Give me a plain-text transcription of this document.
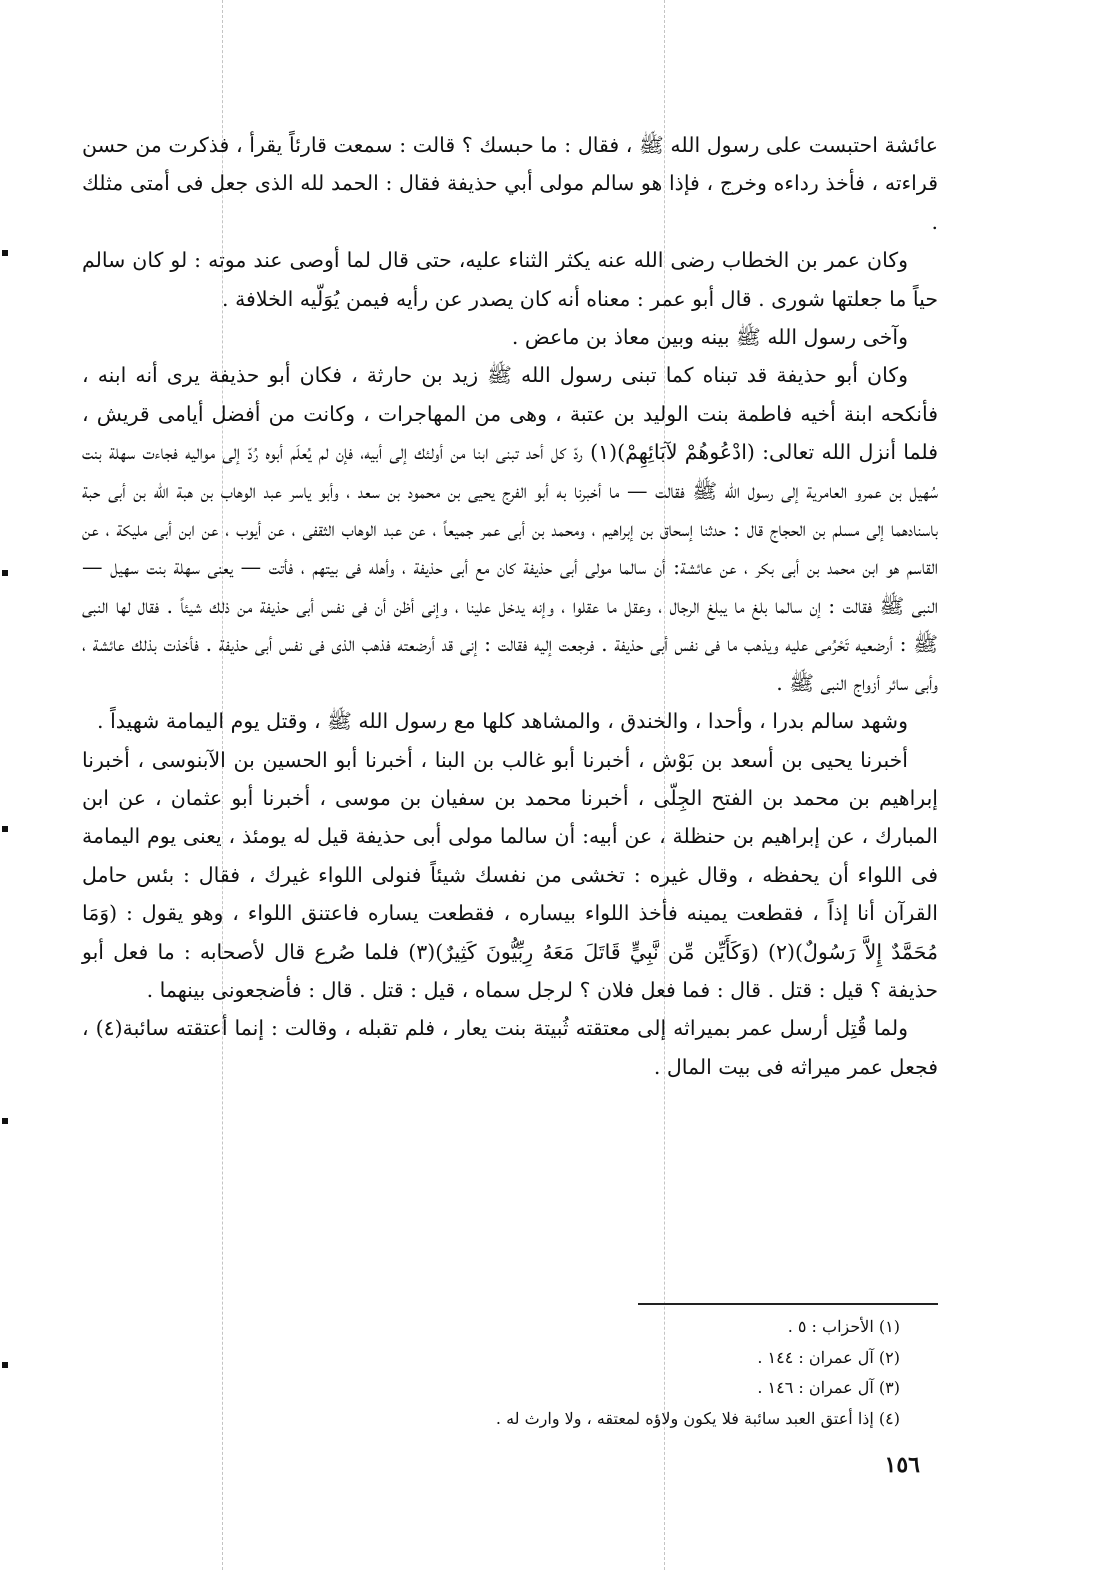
عائشة احتبست على رسول الله ﷺ ، فقال : ما حبسك ؟ قالت : سمعت قارئاً يقرأ ، فذكرت من حسن قراءته ، فأخذ رداءه وخرج ، فإذا هو سالم مولى أبي حذيفة فقال : الحمد لله الذى جعل فى أمتى مثلك .

وكان عمر بن الخطاب رضى الله عنه يكثر الثناء عليه، حتى قال لما أوصى عند موته : لو كان سالم حياً ما جعلتها شورى . قال أبو عمر : معناه أنه كان يصدر عن رأيه فيمن يُوَلّيه الخلافة .

وآخى رسول الله ﷺ بينه وبين معاذ بن ماعض .

وكان أبو حذيفة قد تبناه كما تبنى رسول الله ﷺ زيد بن حارثة ، فكان أبو حذيفة يرى أنه ابنه ، فأنكحه ابنة أخيه فاطمة بنت الوليد بن عتبة ، وهى من المهاجرات ، وكانت من أفضل أيامى قريش ، فلما أنزل الله تعالى: (ادْعُوهُمْ لآبَائِهِمْ)(١) ردّ كل أحد تبنى ابنا من أولئك إلى أبيه، فإن لم يُعلَم أبوه رُدّ إلى مواليه فجاءت سهلة بنت سُهيل بن عمرو العامرية إلى رسول الله ﷺ فقالت — ما أخبرنا به أبو الفرج يحيى بن محمود بن سعد ، وأبو ياسر عبد الوهاب بن هبة الله بن أبى حبة باسنادهما إلى مسلم بن الحجاج قال : حدثنا إسحاق بن إبراهيم ، ومحمد بن أبى عمر جميعاً ، عن عبد الوهاب الثقفى ، عن أيوب ، عن ابن أبى مليكة ، عن القاسم هو ابن محمد بن أبى بكر ، عن عائشة: أن سالما مولى أبى حذيفة كان مع أبى حذيفة ، وأهله فى بيتهم ، فأتت — يعنى سهلة بنت سهيل — النبى ﷺ فقالت : إن سالما بلغ ما يبلغ الرجال ، وعقل ما عقلوا ، وإنه يدخل علينا ، وإنى أظن أن فى نفس أبى حذيفة من ذلك شيئاً . فقال لها النبى ﷺ : أرضعيه تَحْرُمى عليه ويذهب ما فى نفس أبى حذيفة . فرجعت إليه فقالت : إنى قد أرضعته فذهب الذى فى نفس أبى حذيفة . فأخذت بذلك عائشة ، وأبى سائر أزواج النبى ﷺ .

وشهد سالم بدرا ، وأحدا ، والخندق ، والمشاهد كلها مع رسول الله ﷺ ، وقتل يوم اليمامة شهيداً .

أخبرنا يحيى بن أسعد بن بَوْش ، أخبرنا أبو غالب بن البنا ، أخبرنا أبو الحسين بن الآبنوسى ، أخبرنا إبراهيم بن محمد بن الفتح الجِلّى ، أخبرنا محمد بن سفيان بن موسى ، أخبرنا أبو عثمان ، عن ابن المبارك ، عن إبراهيم بن حنظلة ، عن أبيه: أن سالما مولى أبى حذيفة قيل له يومئذ ، يعنى يوم اليمامة فى اللواء أن يحفظه ، وقال غيره : تخشى من نفسك شيئاً فنولى اللواء غيرك ، فقال : بئس حامل القرآن أنا إذاً ، فقطعت يمينه فأخذ اللواء بيساره ، فقطعت يساره فاعتنق اللواء ، وهو يقول : (وَمَا مُحَمَّدٌ إِلاَّ رَسُولٌ)(٢) (وَكَأَيِّن مِّن نَّبِيٍّ قَاتَلَ مَعَهُ رِبِّيُّونَ كَثِيرٌ)(٣) فلما صُرع قال لأصحابه : ما فعل أبو حذيفة ؟ قيل : قتل . قال : فما فعل فلان ؟ لرجل سماه ، قيل : قتل . قال : فأضجعونى بينهما .

ولما قُتِل أرسل عمر بميراثه إلى معتقته ثُبيتة بنت يعار ، فلم تقبله ، وقالت : إنما أعتقته سائبة(٤) ، فجعل عمر ميراثه فى بيت المال .

(١) الأحزاب : ٥ .
(٢) آل عمران : ١٤٤ .
(٣) آل عمران : ١٤٦ .
(٤) إذا أعتق العبد سائبة فلا يكون ولاؤه لمعتقه ، ولا وارث له .
١٥٦
